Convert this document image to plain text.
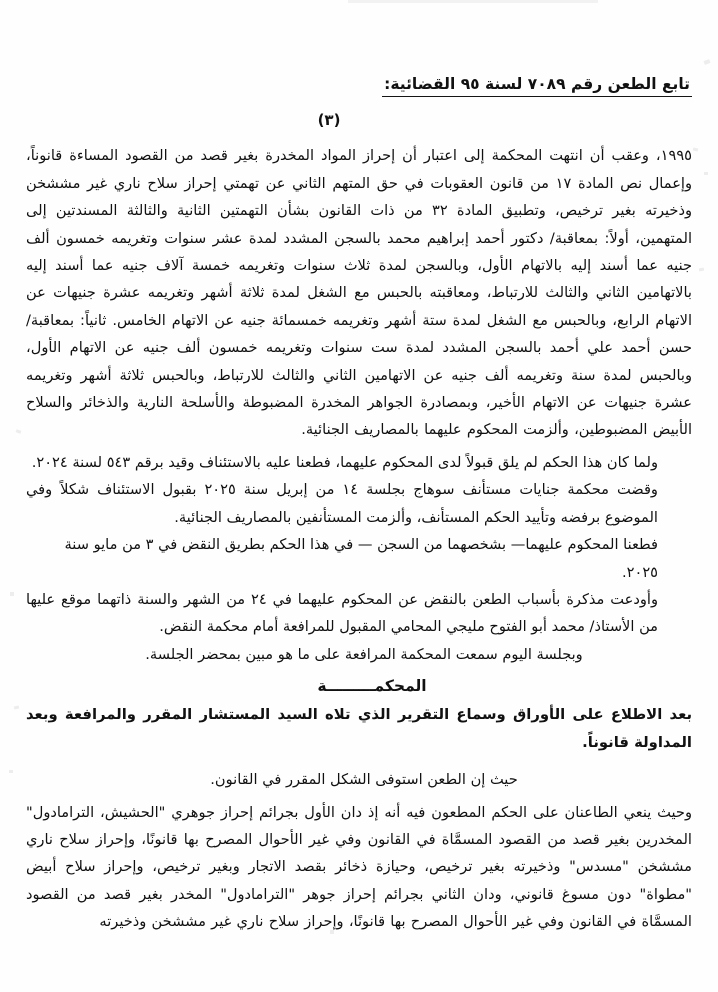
تابع الطعن رقم ٧٠٨٩ لسنة ٩٥ القضائية:
(٣)

١٩٩٥، وعقب أن انتهت المحكمة إلى اعتبار أن إحراز المواد المخدرة بغير قصد من القصود المساءة قانوناً، وإعمال نص المادة ١٧ من قانون العقوبات في حق المتهم الثاني عن تهمتي إحراز سلاح ناري غير مششخن وذخيرته بغير ترخيص، وتطبيق المادة ٣٢ من ذات القانون بشأن التهمتين الثانية والثالثة المسندتين إلى المتهمين، أولاً: بمعاقبة/ دكتور أحمد إبراهيم محمد بالسجن المشدد لمدة عشر سنوات وتغريمه خمسون ألف جنيه عما أسند إليه بالاتهام الأول، وبالسجن لمدة ثلاث سنوات وتغريمه خمسة آلاف جنيه عما أسند إليه بالاتهامين الثاني والثالث للارتباط، ومعاقبته بالحبس مع الشغل لمدة ثلاثة أشهر وتغريمه عشرة جنيهات عن الاتهام الرابع، وبالحبس مع الشغل لمدة ستة أشهر وتغريمه خمسمائة جنيه عن الاتهام الخامس. ثانياً: بمعاقبة/ حسن أحمد علي أحمد بالسجن المشدد لمدة ست سنوات وتغريمه خمسون ألف جنيه عن الاتهام الأول، وبالحبس لمدة سنة وتغريمه ألف جنيه عن الاتهامين الثاني والثالث للارتباط، وبالحبس ثلاثة أشهر وتغريمه عشرة جنيهات عن الاتهام الأخير، وبمصادرة الجواهر المخدرة المضبوطة والأسلحة النارية والذخائر والسلاح الأبيض المضبوطين، وألزمت المحكوم عليهما بالمصاريف الجنائية.

ولما كان هذا الحكم لم يلق قبولاً لدى المحكوم عليهما، فطعنا عليه بالاستئناف وقيد برقم ٥٤٣ لسنة ٢٠٢٤.

وقضت محكمة جنايات مستأنف سوهاج بجلسة ١٤ من إبريل سنة ٢٠٢٥ بقبول الاستئناف شكلاً وفي الموضوع برفضه وتأييد الحكم المستأنف، وألزمت المستأنفين بالمصاريف الجنائية.

فطعنا المحكوم عليهما— بشخصهما من السجن — في هذا الحكم بطريق النقض في ٣ من مايو سنة ٢٠٢٥.

وأودعت مذكرة بأسباب الطعن بالنقض عن المحكوم عليهما في ٢٤ من الشهر والسنة ذاتهما موقع عليها من الأستاذ/ محمد أبو الفتوح مليجي المحامي المقبول للمرافعة أمام محكمة النقض.

وبجلسة اليوم سمعت المحكمة المرافعة على ما هو مبين بمحضر الجلسة.

المحكمـــــــــة

بعد الاطلاع على الأوراق وسماع التقرير الذي تلاه السيد المستشار المقرر والمرافعة وبعد المداولة قانوناً.

حيث إن الطعن استوفى الشكل المقرر في القانون.

وحيث ينعي الطاعنان على الحكم المطعون فيه أنه إذ دان الأول بجرائم إحراز جوهري "الحشيش، الترامادول" المخدرين بغير قصد من القصود المسمَّاة في القانون وفي غير الأحوال المصرح بها قانونًا، وإحراز سلاح ناري مششخن "مسدس" وذخيرته بغير ترخيص، وحيازة ذخائر بقصد الاتجار وبغير ترخيص، وإحراز سلاح أبيض "مطواة" دون مسوغ قانوني، ودان الثاني بجرائم إحراز جوهر "الترامادول" المخدر بغير قصد من القصود المسمَّاة في القانون وفي غير الأحوال المصرح بها قانونًا، وإحراز سلاح ناري غير مششخن وذخيرته
